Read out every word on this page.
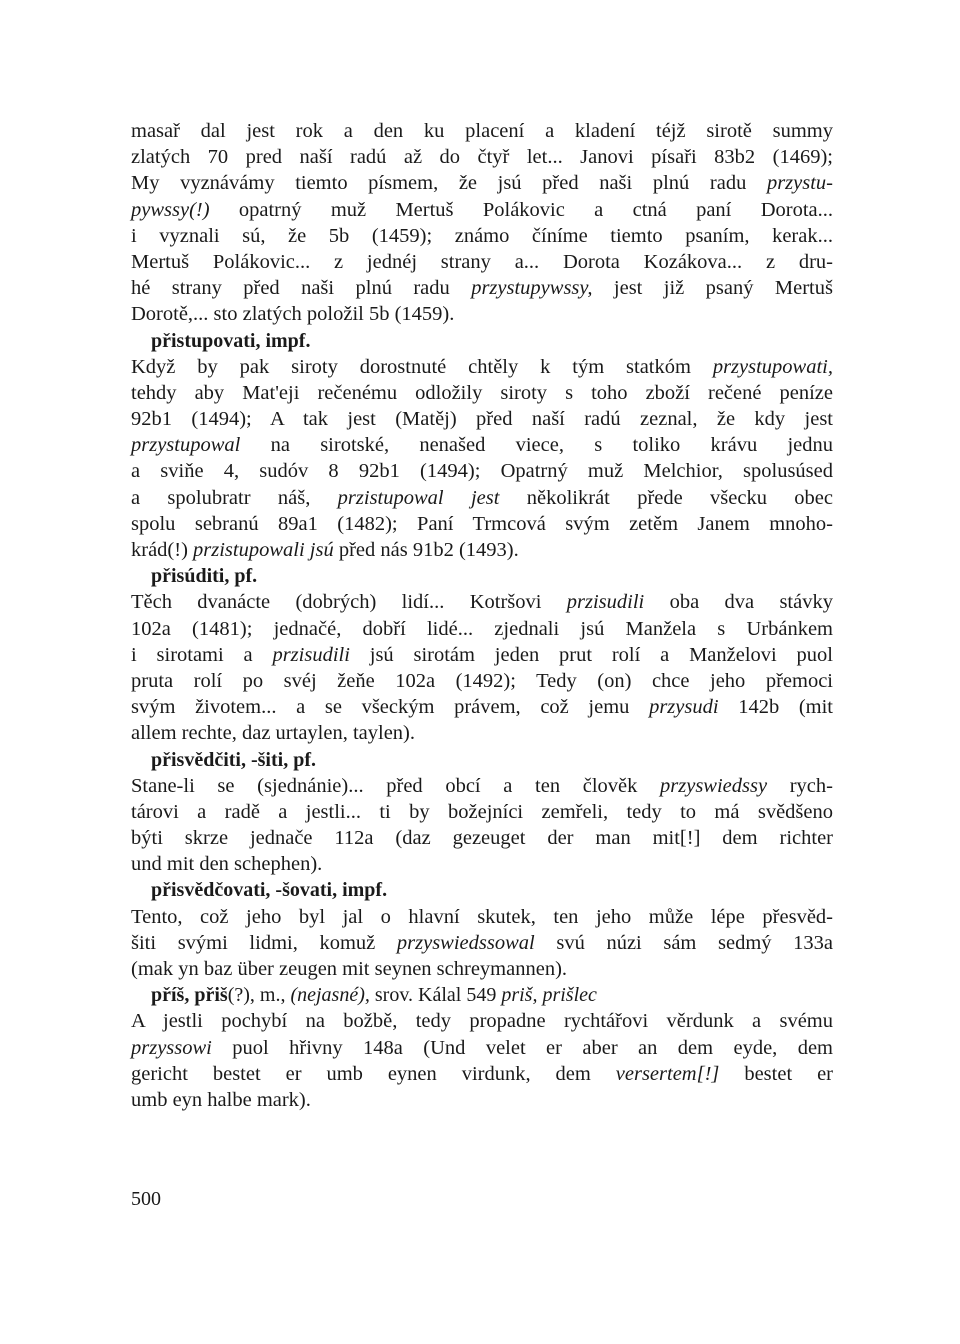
masař dal jest rok a den ku placení a kladení téjž sirotě summy
zlatých 70 pred naší radú až do čtyř let... Janovi písaři 83b2 (1469);
My vyznávámy tiemto písmem, že jsú před naši plnú radu przystu-
pywssy(!) opatrný muž Mertuš Polákovic a ctná paní Dorota...
i vyznali sú, že 5b (1459); známo číníme tiemto psaním, kerak...
Mertuš Polákovic... z jednéj strany a... Dorota Kozákova... z dru-
hé strany před naši plnú radu przystupywssy, jest již psaný Mertuš
Dorotě,... sto zlatých položil 5b (1459).
přistupovati, impf.
Když by pak siroty dorostnuté chtěly k tým statkóm przystupowati,
tehdy aby Mat'eji rečenému odložily siroty s toho zboží rečené peníze
92b1 (1494); A tak jest (Matěj) před naší radú zeznal, že kdy jest
przystupowal na sirotské, nenašed viece, s toliko krávu jednu
a sviňe 4, sudóv 8 92b1 (1494); Opatrný muž Melchior, spolusúsed
a spolubratr náš, przistupowal jest několikrát přede všecku obec
spolu sebranú 89a1 (1482); Paní Trmcová svým zetěm Janem mnoho-
krád(!) przistupowali jsú před nás 91b2 (1493).
přisúditi, pf.
Těch dvanácte (dobrých) lidí... Kotršovi przisudili oba dva stávky
102a (1481); jednačé, dobří lidé... zjednali jsú Manžela s Urbánkem
i sirotami a przisudili jsú sirotám jeden prut rolí a Manželovi puol
pruta rolí po svéj žeňe 102a (1492); Tedy (on) chce jeho přemoci
svým životem... a se všeckým právem, což jemu przysudi 142b (mit
allem rechte, daz urtaylen, taylen).
přisvědčiti, -šiti, pf.
Stane-li se (sjednánie)... před obcí a ten člověk przyswiedssy rych-
tárovi a radě a jestli... ti by božejníci zemřeli, tedy to má svědšeno
býti skrze jednače 112a (daz gezeuget der man mit[!] dem richter
und mit den schephen).
přisvědčovati, -šovati, impf.
Tento, což jeho byl jal o hlavní skutek, ten jeho může lépe přesvěd-
šiti svými lidmi, komuž przyswiedssowal svú núzi sám sedmý 133a
(mak yn baz über zeugen mit seynen schreymannen).
příš, přiš(?), m., (nejasné), srov. Kálal 549 priš, prišlec
A jestli pochybí na božbě, tedy propadne rychtářovi věrdunk a svému
przyssowi puol hřivny 148a (Und velet er aber an dem eyde, dem
gericht bestet er umb eynen virdunk, dem versertem[!] bestet er
umb eyn halbe mark).
500
